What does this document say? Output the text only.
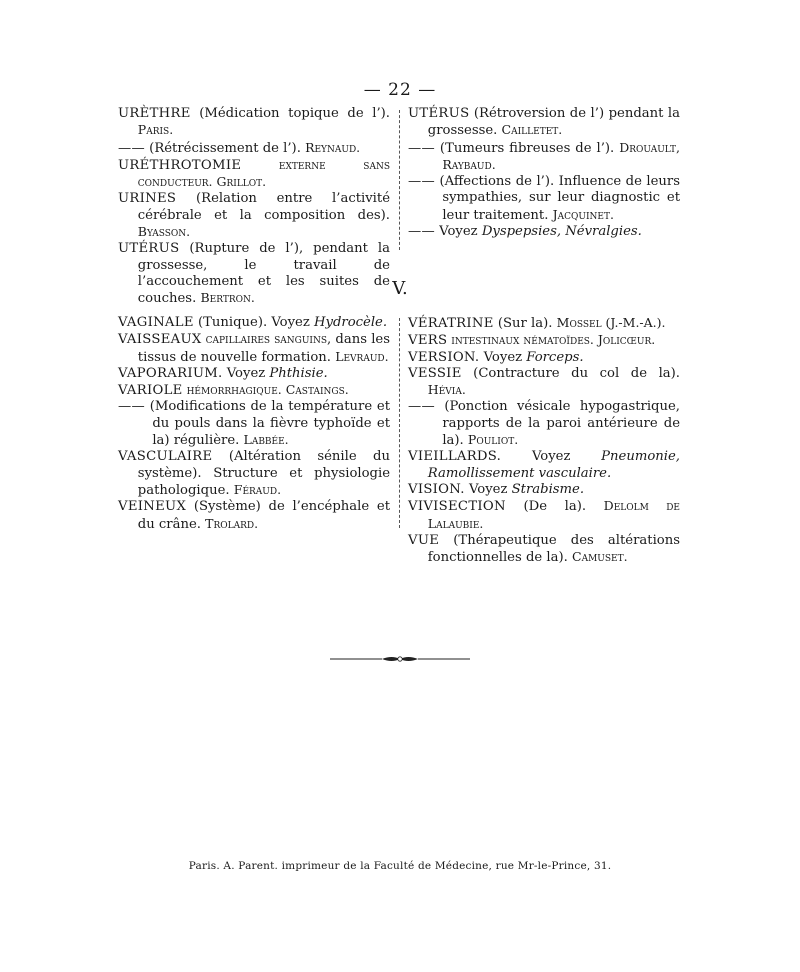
— 22 —

URÈTHRE (Médication topique de l’). Paris.

—— (Rétrécissement de l’). Reynaud.

URÉTHROTOMIE externe sans conducteur. Grillot.

URINES (Relation entre l’activité cérébrale et la composition des). Byasson.

UTÉRUS (Rupture de l’), pendant la grossesse, le travail de l’accouchement et les suites de couches. Bertron.

UTÉRUS (Rétroversion de l’) pendant la grossesse. Cailletet.

—— (Tumeurs fibreuses de l’). Drouault, Raybaud.

—— (Affections de l’). Influence de leurs sympathies, sur leur diagnostic et leur traitement. Jacquinet.

—— Voyez Dyspepsies, Névralgies.

V.

VAGINALE (Tunique). Voyez Hydrocèle.

VAISSEAUX capillaires sanguins, dans les tissus de nouvelle formation. Levraud.

VAPORARIUM. Voyez Phthisie.

VARIOLE hémorrhagique. Castaings.

—— (Modifications de la température et du pouls dans la fièvre typhoïde et la) régulière. Labbée.

VASCULAIRE (Altération sénile du système). Structure et physiologie pathologique. Féraud.

VEINEUX (Système) de l’encéphale et du crâne. Trolard.

VÉRATRINE (Sur la). Mossel (J.-M.-A.).

VERS intestinaux nématoïdes. Jolicœur.

VERSION. Voyez Forceps.

VESSIE (Contracture du col de la). Hévia.

—— (Ponction vésicale hypogastrique, rapports de la paroi antérieure de la). Pouliot.

VIEILLARDS. Voyez Pneumonie, Ramollissement vasculaire.

VISION. Voyez Strabisme.

VIVISECTION (De la). Delolm de Lalaubie.

VUE (Thérapeutique des altérations fonctionnelles de la). Camuset.

Paris. A. Parent. imprimeur de la Faculté de Médecine, rue Mr-le-Prince, 31.
